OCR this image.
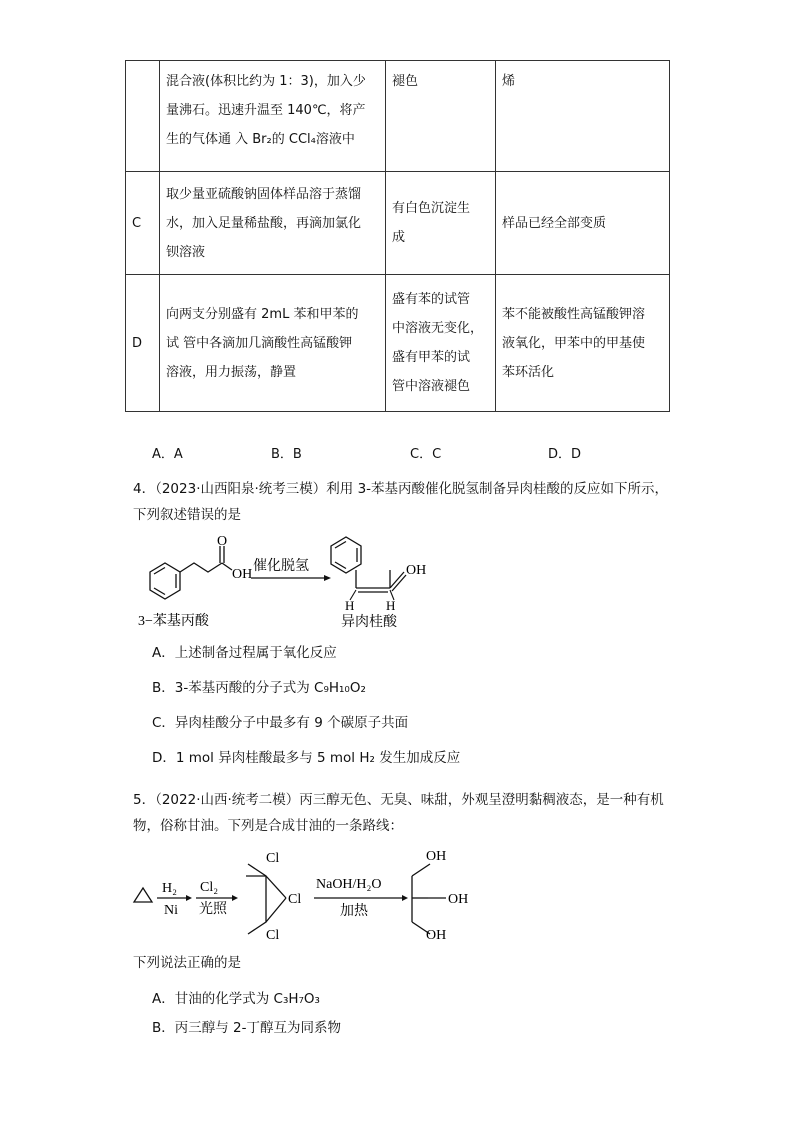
	混合液(体积比约为 1：3)，加入少
量沸石。迅速升温至 140℃，将产
生的气体通 入 Br₂的 CCl₄溶液中	褪色	烯
C	取少量亚硫酸钠固体样品溶于蒸馏
水，加入足量稀盐酸，再滴加氯化
钡溶液	有白色沉淀生
成	样品已经全部变质
D	向两支分别盛有 2mL 苯和甲苯的
试 管中各滴加几滴酸性高锰酸钾
溶液，用力振荡，静置	盛有苯的试管
中溶液无变化，
盛有甲苯的试
管中溶液褪色	苯不能被酸性高锰酸钾溶
液氧化，甲苯中的甲基使
苯环活化
A．A	B．B	C．C	D．D
4．（2023·山西阳泉·统考三模）利用 3-苯基丙酸催化脱氢制备异肉桂酸的反应如下所示，下列叙述错误的是
O
OH
3−苯基丙酸
催化脱氢	OH
H H
异肉桂酸
A．上述制备过程属于氧化反应
B．3-苯基丙酸的分子式为 C₉H₁₀O₂
C．异肉桂酸分子中最多有 9 个碳原子共面
D．1 mol 异肉桂酸最多与 5 mol H₂ 发生加成反应
5．（2022·山西·统考二模）丙三醇无色、无臭、味甜，外观呈澄明黏稠液态，是一种有机物，俗称甘油。下列是合成甘油的一条路线：
H₂
Ni
Cl₂
光照
Cl
Cl
Cl
NaOH/H₂O
加热
OH
OH
OH
下列说法正确的是
A．甘油的化学式为 C₃H₇O₃
B．丙三醇与 2-丁醇互为同系物
